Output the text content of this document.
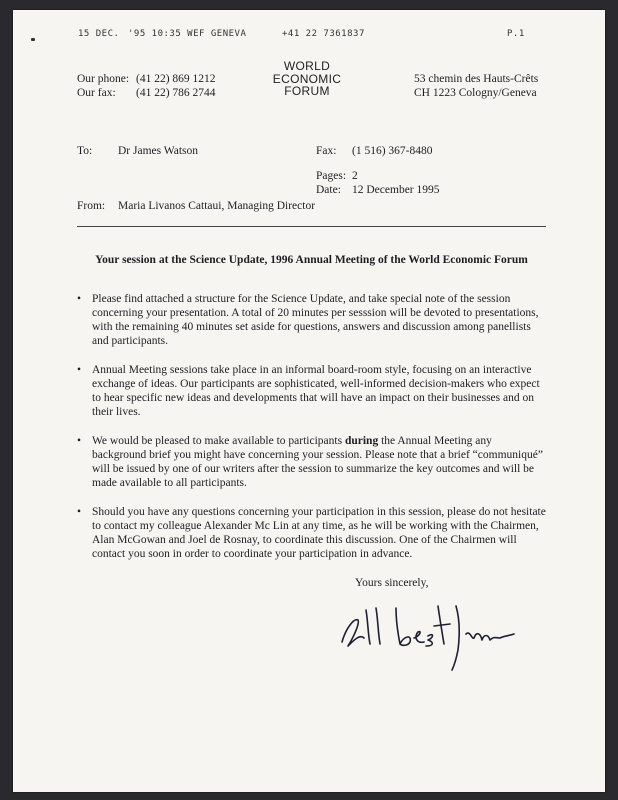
15 DEC. '95 10:35 WEF GENEVA	+41 22 7361837	P.1
Our phone: (41 22) 869 1212
Our fax: (41 22) 786 2744
WORLD
ECONOMIC
FORUM
53 chemin des Hauts-Crêts
CH 1223 Cologny/Geneva
To: Dr James Watson	Fax: (1 516) 367-8480
Pages: 2
Date: 12 December 1995
From: Maria Livanos Cattaui, Managing Director
Your session at the Science Update, 1996 Annual Meeting of the World Economic Forum
• Please find attached a structure for the Science Update, and take special note of the session concerning your presentation. A total of 20 minutes per sesssion will be devoted to presentations, with the remaining 40 minutes set aside for questions, answers and discussion among panellists and participants.
• Annual Meeting sessions take place in an informal board-room style, focusing on an interactive exchange of ideas. Our participants are sophisticated, well-informed decision-makers who expect to hear specific new ideas and developments that will have an impact on their businesses and on their lives.
• We would be pleased to make available to participants during the Annual Meeting any background brief you might have concerning your session. Please note that a brief “communiqué” will be issued by one of our writers after the session to summarize the key outcomes and will be made available to all participants.
• Should you have any questions concerning your participation in this session, please do not hesitate to contact my colleague Alexander Mc Lin at any time, as he will be working with the Chairmen, Alan McGowan and Joel de Rosnay, to coordinate this discussion. One of the Chairmen will contact you soon in order to coordinate your participation in advance.
Yours sincerely,
